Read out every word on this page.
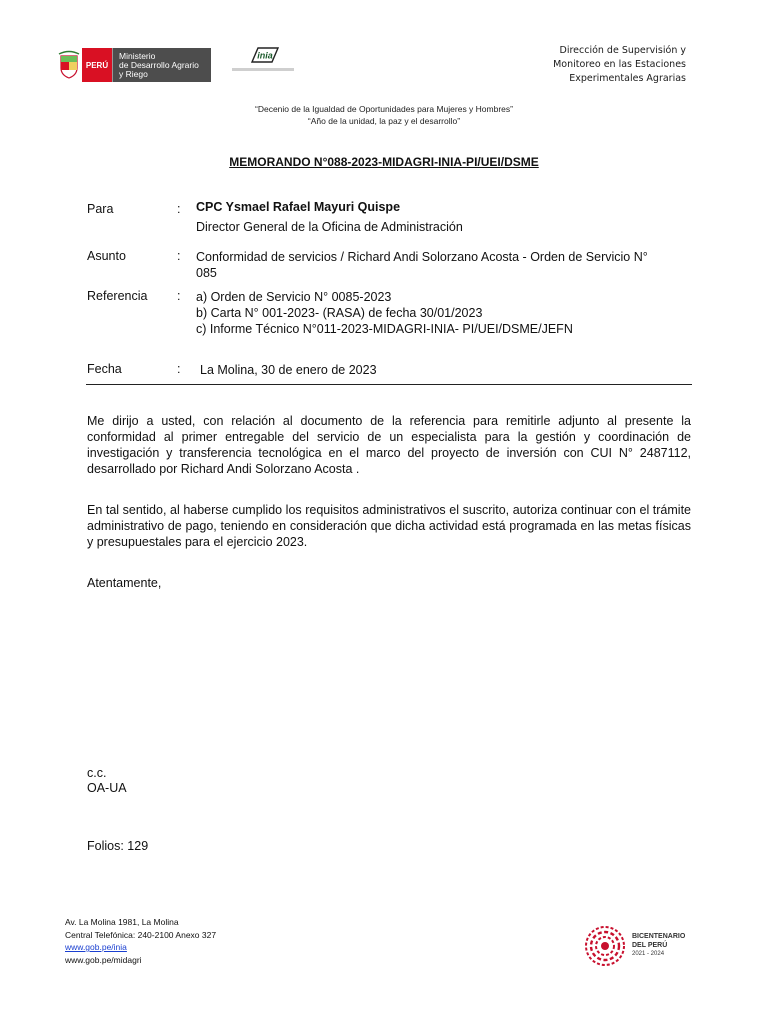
PERÚ
Ministerio
de Desarrollo Agrario
y Riego
inia	Dirección de Supervisión y
Monitoreo en las Estaciones
Experimentales Agrarias
“Decenio de la Igualdad de Oportunidades para Mujeres y Hombres”
“Año de la unidad, la paz y el desarrollo”
MEMORANDO N°088-2023-MIDAGRI-INIA-PI/UEI/DSME
Para	: CPC Ysmael Rafael Mayuri Quispe
Director General de la Oficina de Administración
Asunto	: Conformidad de servicios / Richard Andi Solorzano Acosta - Orden de Servicio N°
085
Referencia : a) Orden de Servicio N° 0085-2023
b) Carta N° 001-2023- (RASA) de fecha 30/01/2023
c) Informe Técnico N°011-2023-MIDAGRI-INIA- PI/UEI/DSME/JEFN
Fecha	: La Molina, 30 de enero de 2023
Me dirijo a usted, con relación al documento de la referencia para remitirle adjunto al presente la conformidad al primer entregable del servicio de un especialista para la gestión y coordinación de investigación y transferencia tecnológica en el marco del proyecto de inversión con CUI N° 2487112, desarrollado por Richard Andi Solorzano Acosta .
En tal sentido, al haberse cumplido los requisitos administrativos el suscrito, autoriza continuar con el trámite administrativo de pago, teniendo en consideración que dicha actividad está programada en las metas físicas y presupuestales para el ejercicio 2023.
Atentamente,
c.c.
OA-UA
Folios: 129
Av. La Molina 1981, La Molina
Central Telefónica: 240-2100 Anexo 327
www.gob.pe/inia
www.gob.pe/midagri
BICENTENARIO
DEL PERÚ
2021 - 2024
